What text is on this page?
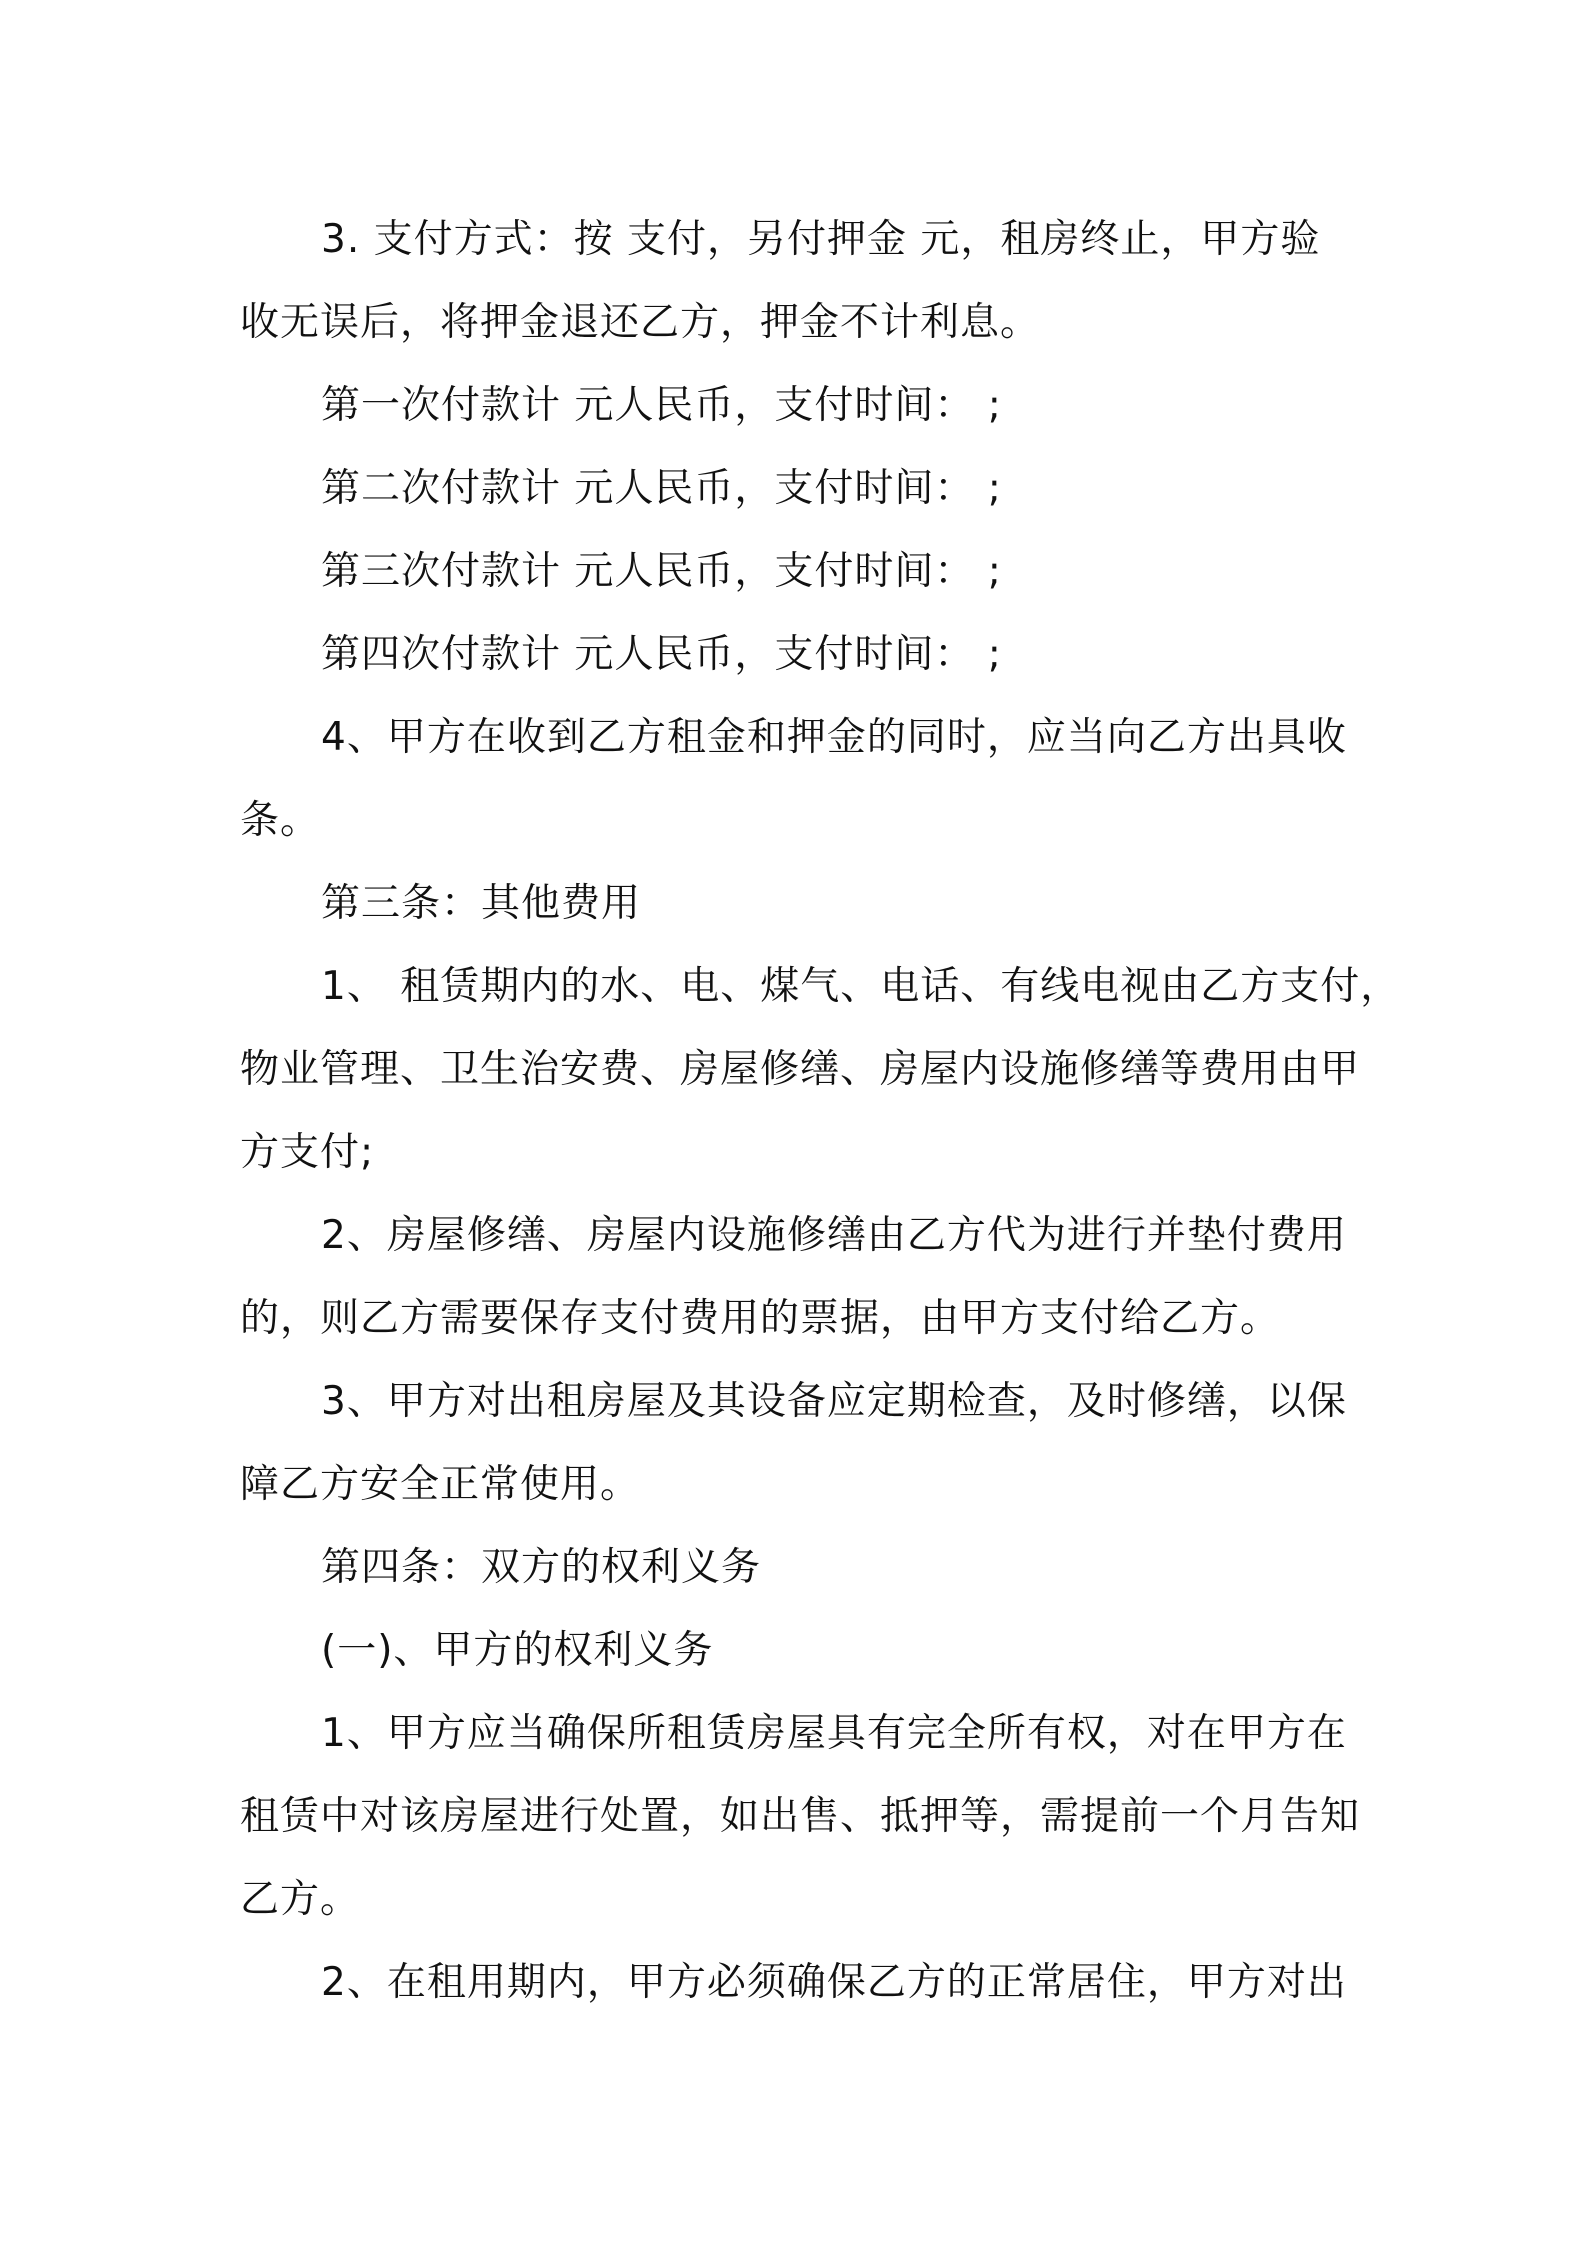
3. 支付方式：按 支付，另付押金 元，租房终止，甲方验
收无误后，将押金退还乙方，押金不计利息。
第一次付款计 元人民币，支付时间： ;
第二次付款计 元人民币，支付时间： ;
第三次付款计 元人民币，支付时间： ;
第四次付款计 元人民币，支付时间： ;
4、甲方在收到乙方租金和押金的同时，应当向乙方出具收
条。
第三条：其他费用
1、 租赁期内的水、电、煤气、电话、有线电视由乙方支付，
物业管理、卫生治安费、房屋修缮、房屋内设施修缮等费用由甲
方支付;
2、房屋修缮、房屋内设施修缮由乙方代为进行并垫付费用
的，则乙方需要保存支付费用的票据，由甲方支付给乙方。
3、甲方对出租房屋及其设备应定期检查，及时修缮，以保
障乙方安全正常使用。
第四条：双方的权利义务
(一)、甲方的权利义务
1、甲方应当确保所租赁房屋具有完全所有权，对在甲方在
租赁中对该房屋进行处置，如出售、抵押等，需提前一个月告知
乙方。
2、在租用期内，甲方必须确保乙方的正常居住，甲方对出
